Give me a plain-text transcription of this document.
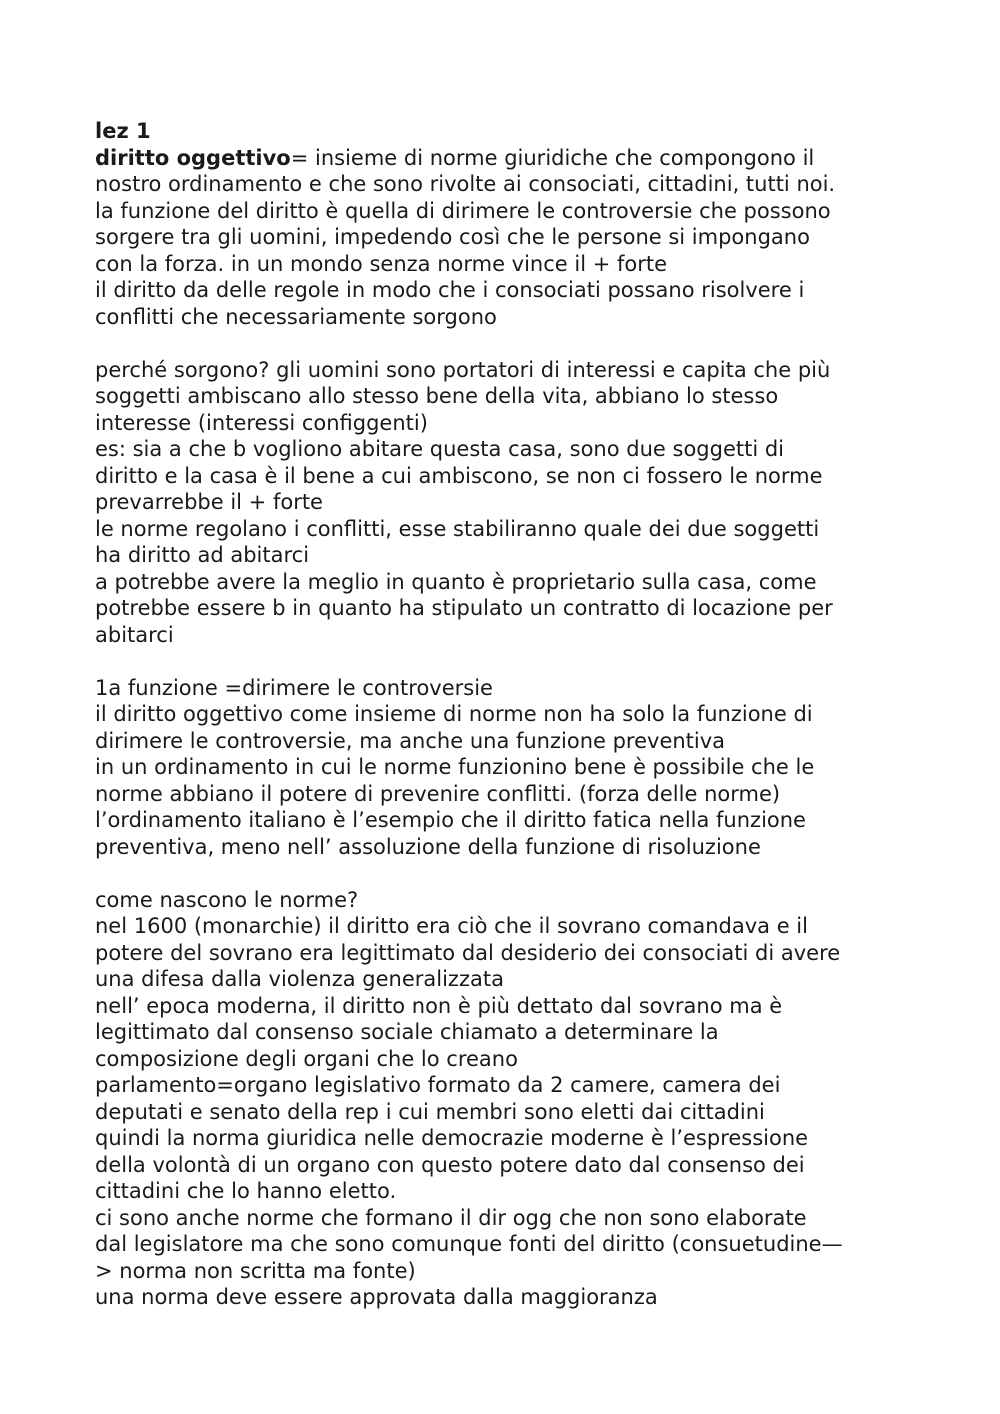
lez 1
diritto oggettivo= insieme di norme giuridiche che compongono il
nostro ordinamento e che sono rivolte ai consociati, cittadini, tutti noi.
la funzione del diritto è quella di dirimere le controversie che possono
sorgere tra gli uomini, impedendo così che le persone si impongano
con la forza. in un mondo senza norme vince il + forte
il diritto da delle regole in modo che i consociati possano risolvere i
conflitti che necessariamente sorgono
perché sorgono? gli uomini sono portatori di interessi e capita che più
soggetti ambiscano allo stesso bene della vita, abbiano lo stesso
interesse (interessi configgenti)
es: sia a che b vogliono abitare questa casa, sono due soggetti di
diritto e la casa è il bene a cui ambiscono, se non ci fossero le norme
prevarrebbe il + forte
le norme regolano i conflitti, esse stabiliranno quale dei due soggetti
ha diritto ad abitarci
a potrebbe avere la meglio in quanto è proprietario sulla casa, come
potrebbe essere b in quanto ha stipulato un contratto di locazione per
abitarci
1a funzione =dirimere le controversie
il diritto oggettivo come insieme di norme non ha solo la funzione di
dirimere le controversie, ma anche una funzione preventiva
in un ordinamento in cui le norme funzionino bene è possibile che le
norme abbiano il potere di prevenire conflitti. (forza delle norme)
l’ordinamento italiano è l’esempio che il diritto fatica nella funzione
preventiva, meno nell’ assoluzione della funzione di risoluzione
come nascono le norme?
nel 1600 (monarchie) il diritto era ciò che il sovrano comandava e il
potere del sovrano era legittimato dal desiderio dei consociati di avere
una difesa dalla violenza generalizzata
nell’ epoca moderna, il diritto non è più dettato dal sovrano ma è
legittimato dal consenso sociale chiamato a determinare la
composizione degli organi che lo creano
parlamento=organo legislativo formato da 2 camere, camera dei
deputati e senato della rep i cui membri sono eletti dai cittadini
quindi la norma giuridica nelle democrazie moderne è l’espressione
della volontà di un organo con questo potere dato dal consenso dei
cittadini che lo hanno eletto.
ci sono anche norme che formano il dir ogg che non sono elaborate
dal legislatore ma che sono comunque fonti del diritto (consuetudine—
> norma non scritta ma fonte)
una norma deve essere approvata dalla maggioranza
